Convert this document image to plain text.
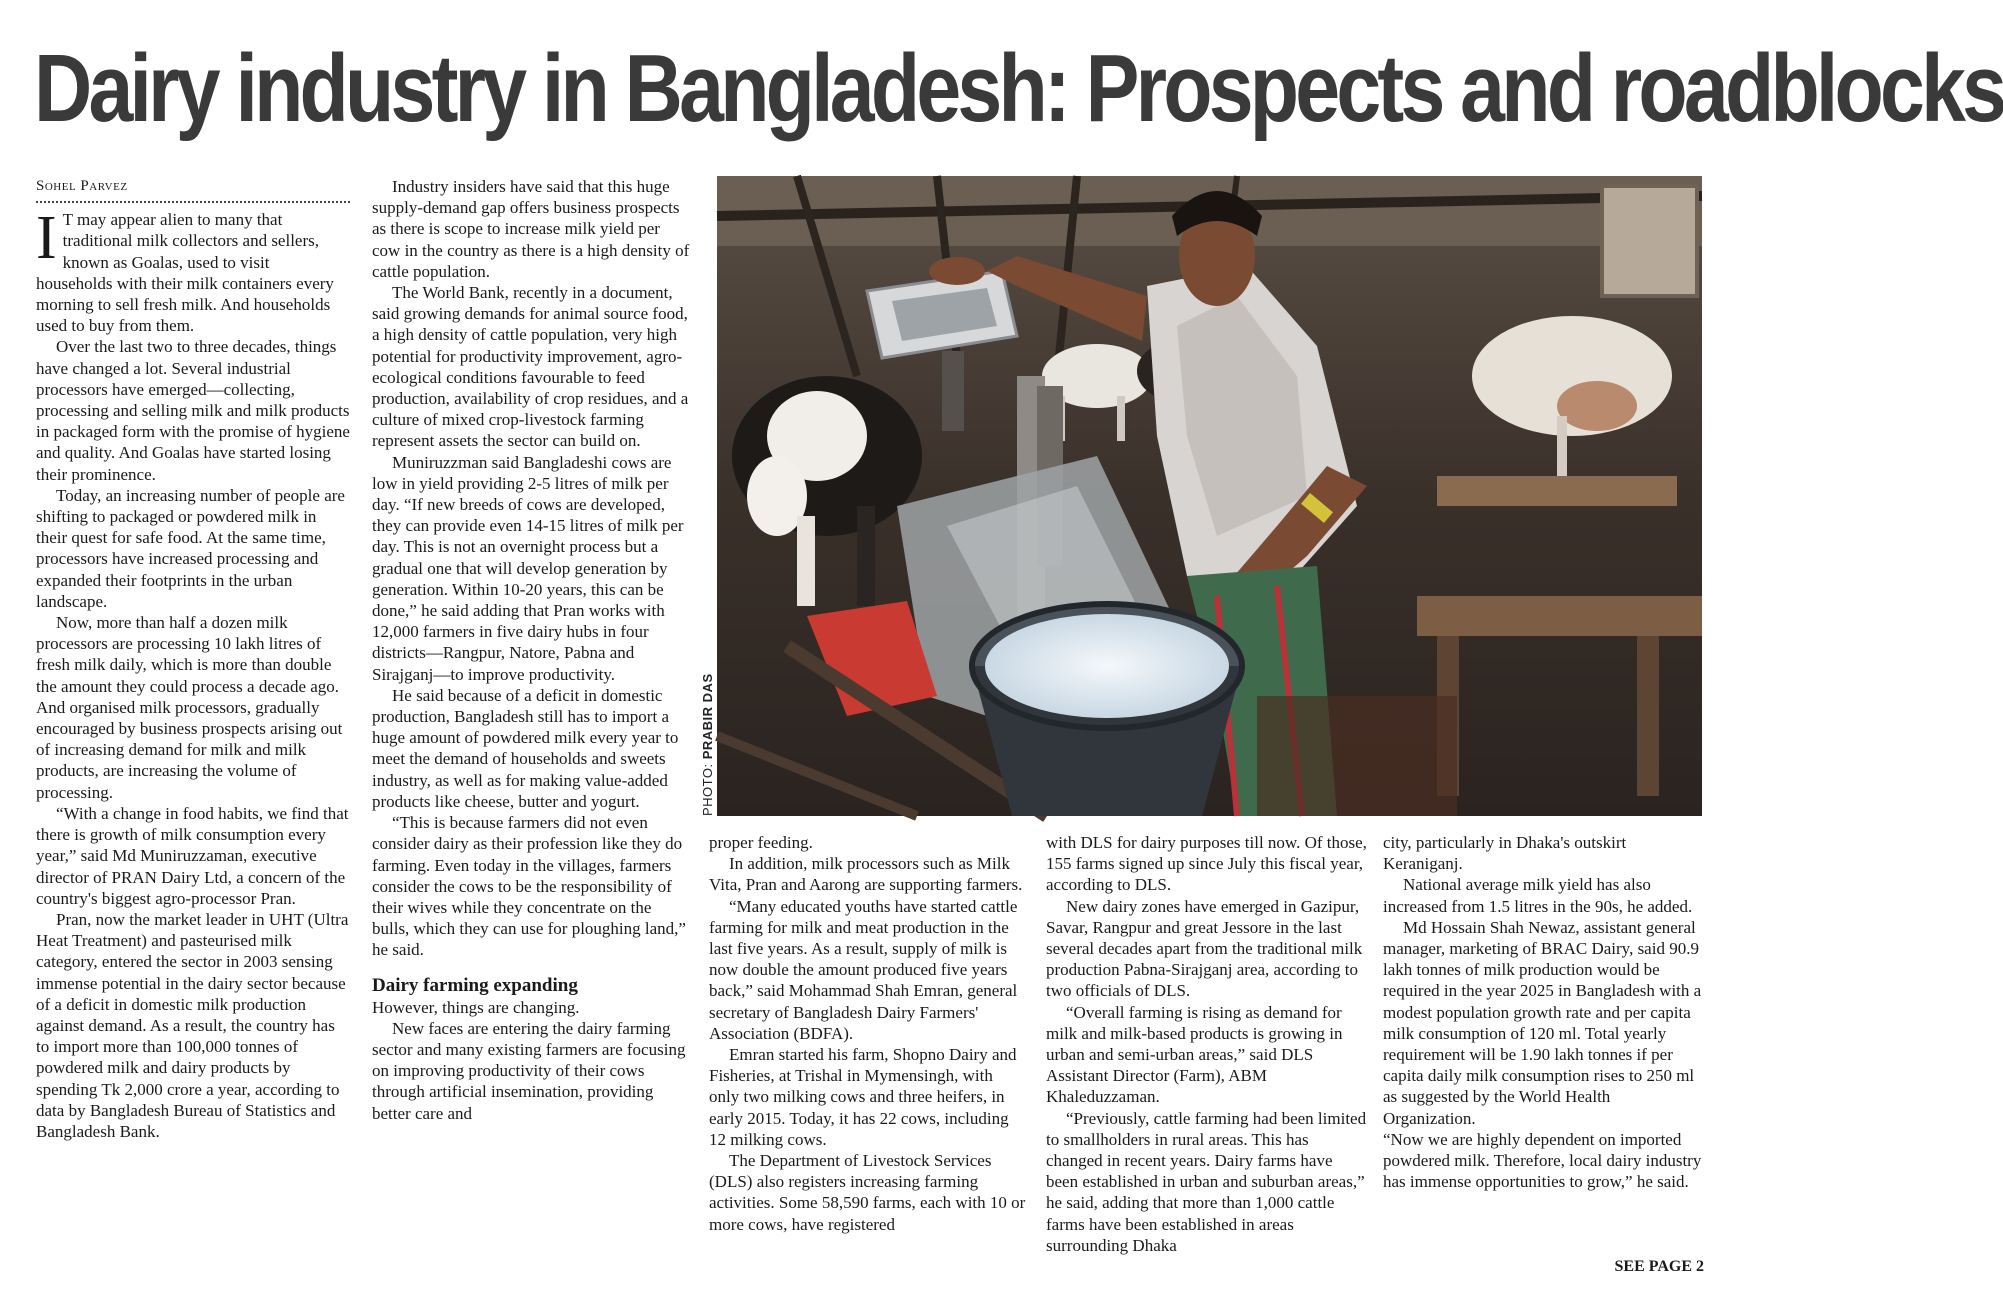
Dairy industry in Bangladesh: Prospects and roadblocks
Sohel Parvez

I T may appear alien to many that traditional milk collectors and sellers, known as Goalas, used to visit households with their milk containers every morning to sell fresh milk. And households used to buy from them.

Over the last two to three decades, things have changed a lot. Several industrial processors have emerged—collecting, processing and selling milk and milk products in packaged form with the promise of hygiene and quality. And Goalas have started losing their prominence.

Today, an increasing number of people are shifting to packaged or powdered milk in their quest for safe food. At the same time, processors have increased processing and expanded their footprints in the urban landscape.

Now, more than half a dozen milk processors are processing 10 lakh litres of fresh milk daily, which is more than double the amount they could process a decade ago. And organised milk processors, gradually encouraged by business prospects arising out of increasing demand for milk and milk products, are increasing the volume of processing.

“With a change in food habits, we find that there is growth of milk consumption every year,” said Md Muniruzzaman, executive director of PRAN Dairy Ltd, a concern of the country's biggest agro-processor Pran.

Pran, now the market leader in UHT (Ultra Heat Treatment) and pasteurised milk category, entered the sector in 2003 sensing immense potential in the dairy sector because of a deficit in domestic milk production against demand. As a result, the country has to import more than 100,000 tonnes of powdered milk and dairy products by spending Tk 2,000 crore a year, according to data by Bangladesh Bureau of Statistics and Bangladesh Bank.

Industry insiders have said that this huge supply-demand gap offers business prospects as there is scope to increase milk yield per cow in the country as there is a high density of cattle population.

The World Bank, recently in a document, said growing demands for animal source food, a high density of cattle population, very high potential for productivity improvement, agro-ecological conditions favourable to feed production, availability of crop residues, and a culture of mixed crop-livestock farming represent assets the sector can build on.

Muniruzzman said Bangladeshi cows are low in yield providing 2-5 litres of milk per day. “If new breeds of cows are developed, they can provide even 14-15 litres of milk per day. This is not an overnight process but a gradual one that will develop generation by generation. Within 10-20 years, this can be done,” he said adding that Pran works with 12,000 farmers in five dairy hubs in four districts—Rangpur, Natore, Pabna and Sirajganj—to improve productivity.

He said because of a deficit in domestic production, Bangladesh still has to import a huge amount of powdered milk every year to meet the demand of households and sweets industry, as well as for making value-added products like cheese, butter and yogurt.

“This is because farmers did not even consider dairy as their profession like they do farming. Even today in the villages, farmers consider the cows to be the responsibility of their wives while they concentrate on the bulls, which they can use for ploughing land,” he said.

Dairy farming expanding

However, things are changing.

New faces are entering the dairy farming sector and many existing farmers are focusing on improving productivity of their cows through artificial insemination, providing better care and

PHOTO: PRABIR DAS

proper feeding.

In addition, milk processors such as Milk Vita, Pran and Aarong are supporting farmers.

“Many educated youths have started cattle farming for milk and meat production in the last five years. As a result, supply of milk is now double the amount produced five years back,” said Mohammad Shah Emran, general secretary of Bangladesh Dairy Farmers' Association (BDFA).

Emran started his farm, Shopno Dairy and Fisheries, at Trishal in Mymensingh, with only two milking cows and three heifers, in early 2015. Today, it has 22 cows, including 12 milking cows.

The Department of Livestock Services (DLS) also registers increasing farming activities. Some 58,590 farms, each with 10 or more cows, have registered

with DLS for dairy purposes till now. Of those, 155 farms signed up since July this fiscal year, according to DLS.

New dairy zones have emerged in Gazipur, Savar, Rangpur and great Jessore in the last several decades apart from the traditional milk production Pabna-Sirajganj area, according to two officials of DLS.

“Overall farming is rising as demand for milk and milk-based products is growing in urban and semi-urban areas,” said DLS Assistant Director (Farm), ABM Khaleduzzaman.

“Previously, cattle farming had been limited to smallholders in rural areas. This has changed in recent years. Dairy farms have been established in urban and suburban areas,” he said, adding that more than 1,000 cattle farms have been established in areas surrounding Dhaka

city, particularly in Dhaka's outskirt Keraniganj.

National average milk yield has also increased from 1.5 litres in the 90s, he added.

Md Hossain Shah Newaz, assistant general manager, marketing of BRAC Dairy, said 90.9 lakh tonnes of milk production would be required in the year 2025 in Bangladesh with a modest population growth rate and per capita milk consumption of 120 ml. Total yearly requirement will be 1.90 lakh tonnes if per capita daily milk consumption rises to 250 ml as suggested by the World Health Organization.

“Now we are highly dependent on imported powdered milk. Therefore, local dairy industry has immense opportunities to grow,” he said.

SEE PAGE 2
